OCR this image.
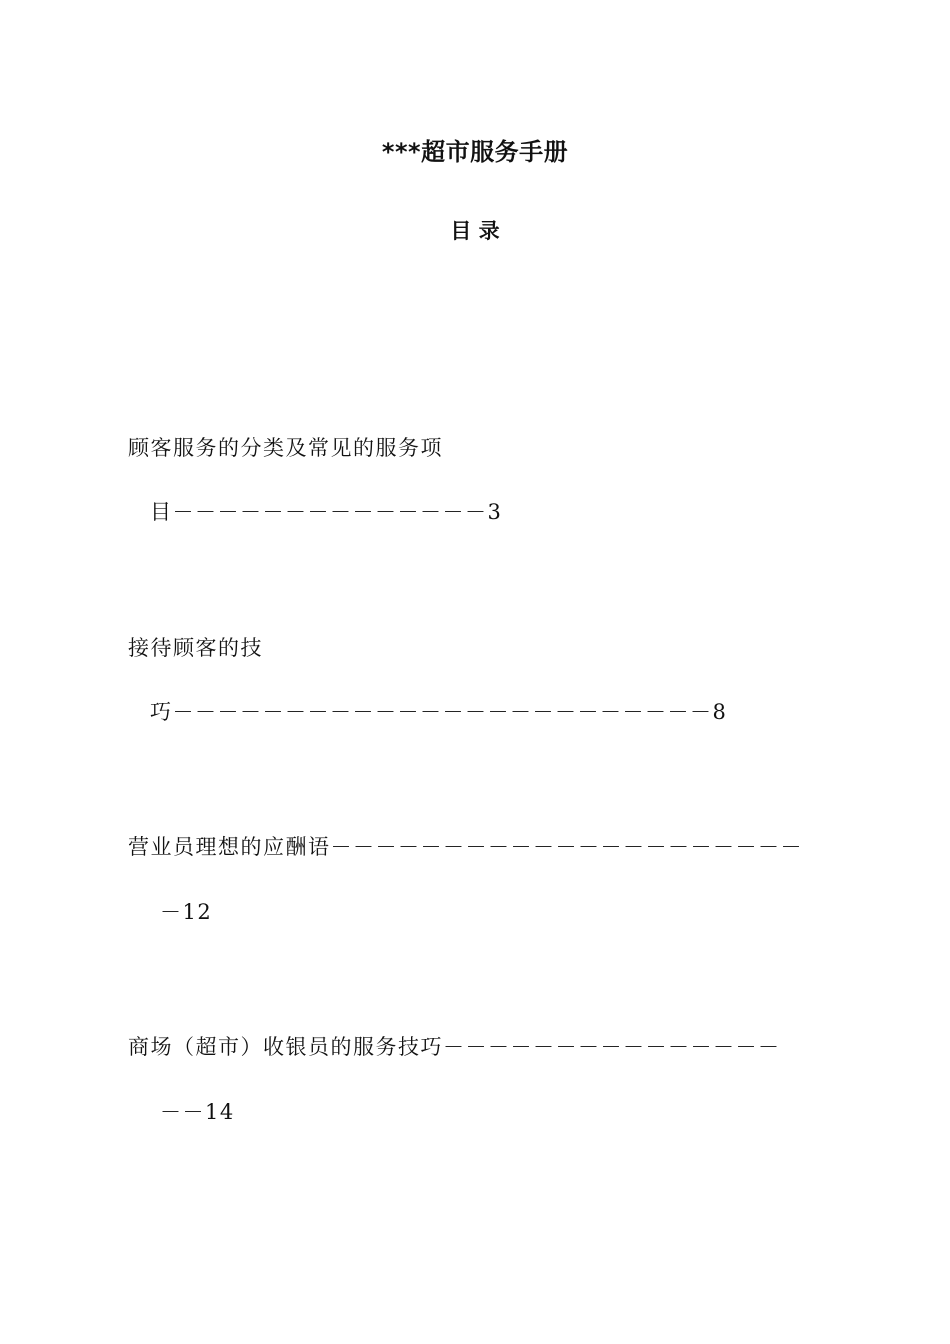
***超市服务手册
目 录
顾客服务的分类及常见的服务项
目－－－－－－－－－－－－－－3
接待顾客的技
巧－－－－－－－－－－－－－－－－－－－－－－－－8
营业员理想的应酬语－－－－－－－－－－－－－－－－－－－－－
－12
商场（超市）收银员的服务技巧－－－－－－－－－－－－－－－
－－14
